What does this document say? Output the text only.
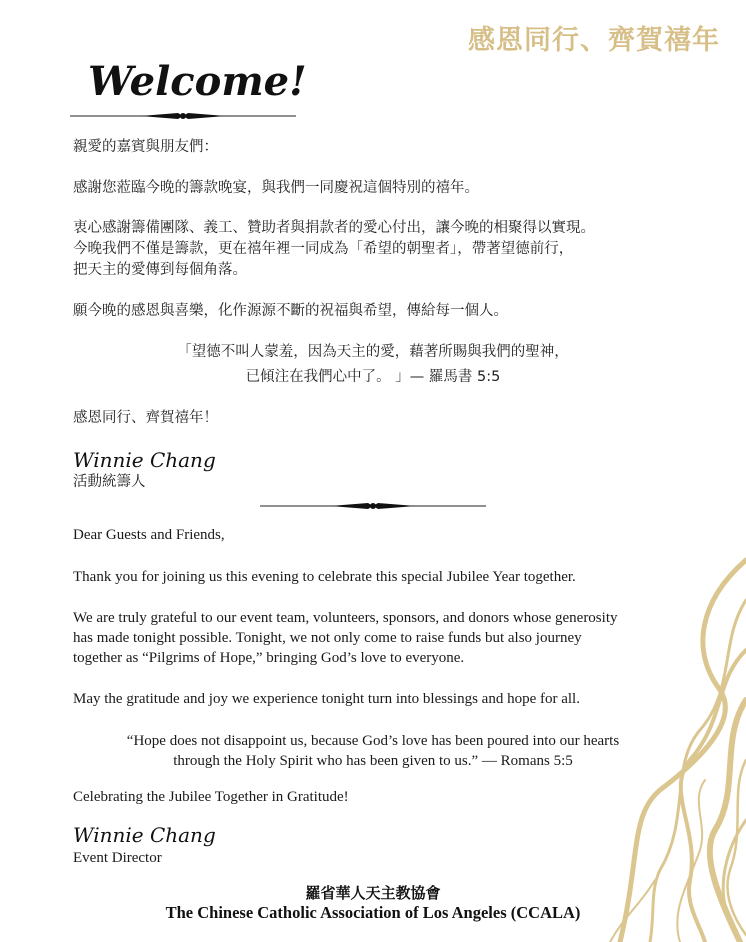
感恩同行、齊賀禧年
Welcome!
親愛的嘉賓與朋友們：
感謝您蒞臨今晚的籌款晚宴，與我們一同慶祝這個特別的禧年。
衷心感謝籌備團隊、義工、贊助者與捐款者的愛心付出，讓今晚的相聚得以實現。
今晚我們不僅是籌款，更在禧年裡一同成為「希望的朝聖者」，帶著望德前行，
把天主的愛傳到每個角落。
願今晚的感恩與喜樂，化作源源不斷的祝福與希望，傳給每一個人。
「望德不叫人蒙羞，因為天主的愛，藉著所賜與我們的聖神，
已傾注在我們心中了。 」— 羅馬書 5:5
感恩同行、齊賀禧年！
Winnie Chang
活動統籌人
Dear Guests and Friends,
Thank you for joining us this evening to celebrate this special Jubilee Year together.
We are truly grateful to our event team, volunteers, sponsors, and donors whose generosity
has made tonight possible. Tonight, we not only come to raise funds but also journey
together as “Pilgrims of Hope,” bringing God’s love to everyone.
May the gratitude and joy we experience tonight turn into blessings and hope for all.
“Hope does not disappoint us, because God’s love has been poured into our hearts
through the Holy Spirit who has been given to us.” — Romans 5:5
Celebrating the Jubilee Together in Gratitude!
Winnie Chang
Event Director
羅省華人天主教協會
The Chinese Catholic Association of Los Angeles (CCALA)
